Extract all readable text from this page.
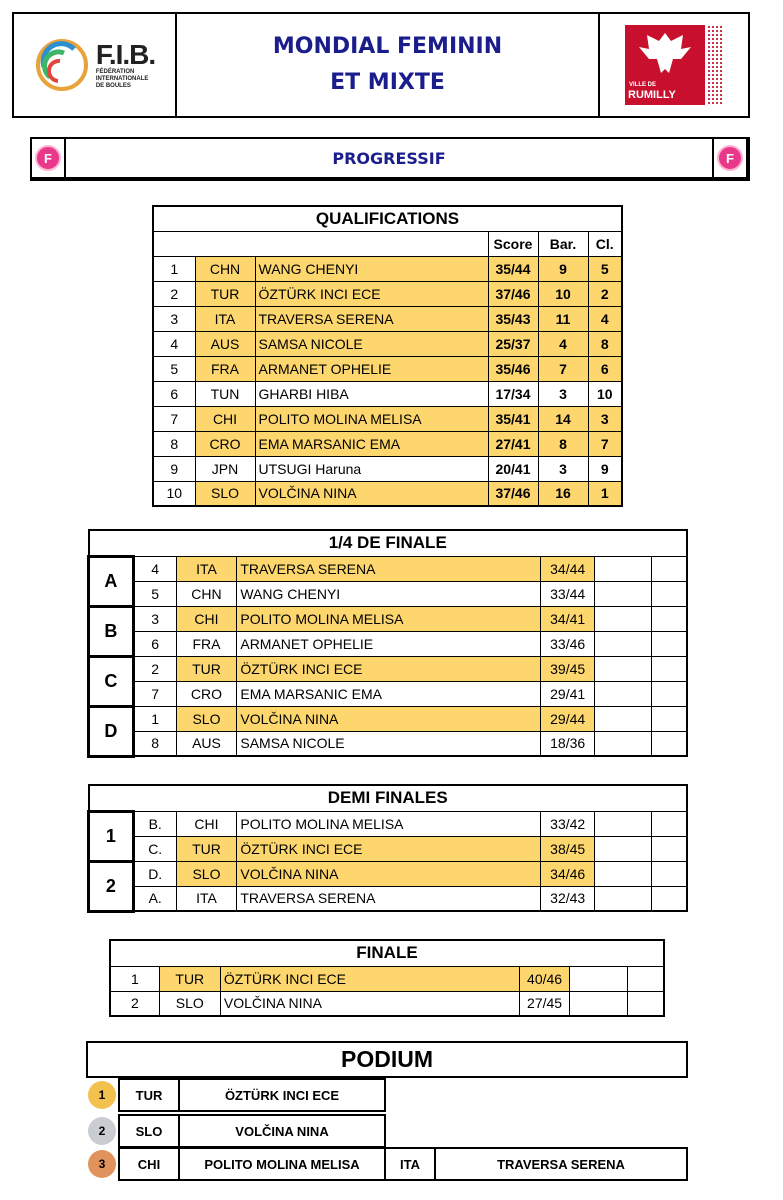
F.I.B.
FÉDÉRATION
INTERNATIONALE
DE BOULES
MONDIAL FEMININ
ET MIXTE	VILLE DE
RUMILLY
F	PROGRESSIF	F
QUALIFICATIONS					
			Score	Bar.	Cl.
1	CHN	WANG CHENYI	35/44	9	5
2	TUR	ÖZTÜRK INCI ECE	37/46	10	2
3	ITA	TRAVERSA SERENA	35/43	11	4
4	AUS	SAMSA NICOLE	25/37	4	8
5	FRA	ARMANET OPHELIE	35/46	7	6
6	TUN	GHARBI HIBA	17/34	3	10
7	CHI	POLITO MOLINA MELISA	35/41	14	3
8	CRO	EMA MARSANIC EMA	27/41	8	7
9	JPN	UTSUGI Haruna	20/41	3	9
10	SLO	VOLČINA NINA	37/46	16	1
1/4 DE FINALE						
A	4	ITA	TRAVERSA SERENA	34/44		
	5	CHN	WANG CHENYI	33/44		
B	3	CHI	POLITO MOLINA MELISA	34/41		
	6	FRA	ARMANET OPHELIE	33/46		
C	2	TUR	ÖZTÜRK INCI ECE	39/45		
	7	CRO	EMA MARSANIC EMA	29/41		
D	1	SLO	VOLČINA NINA	29/44		
	8	AUS	SAMSA NICOLE	18/36		
DEMI FINALES						
1	B.	CHI	POLITO MOLINA MELISA	33/42		
	C.	TUR	ÖZTÜRK INCI ECE	38/45		
2	D.	SLO	VOLČINA NINA	34/46		
	A.	ITA	TRAVERSA SERENA	32/43		
FINALE					
1	TUR	ÖZTÜRK INCI ECE	40/46		
2	SLO	VOLČINA NINA	27/45		
PODIUM
1	TUR	ÖZTÜRK INCI ECE
2	SLO	VOLČINA NINA
3	CHI	POLITO MOLINA MELISA	ITA	TRAVERSA SERENA
